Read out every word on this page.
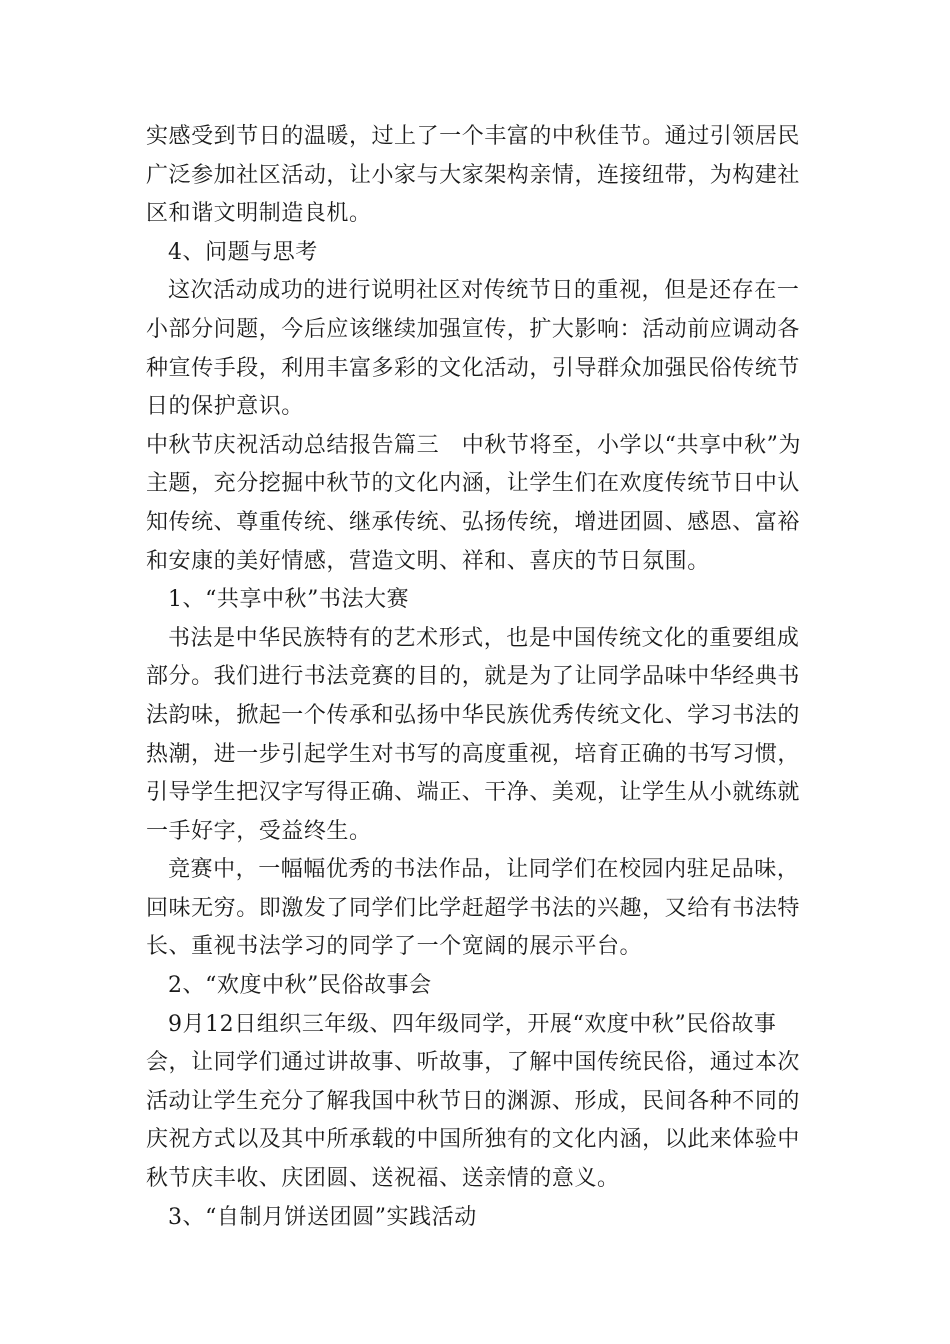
实感受到节日的温暖，过上了一个丰富的中秋佳节。通过引领居民广泛参加社区活动，让小家与大家架构亲情，连接纽带，为构建社区和谐文明制造良机。

4、问题与思考

这次活动成功的进行说明社区对传统节日的重视，但是还存在一小部分问题，今后应该继续加强宣传，扩大影响：活动前应调动各种宣传手段，利用丰富多彩的文化活动，引导群众加强民俗传统节日的保护意识。

中秋节庆祝活动总结报告篇三　中秋节将至，小学以“共享中秋”为主题，充分挖掘中秋节的文化内涵，让学生们在欢度传统节日中认知传统、尊重传统、继承传统、弘扬传统，增进团圆、感恩、富裕和安康的美好情感，营造文明、祥和、喜庆的节日氛围。

1、“共享中秋”书法大赛

书法是中华民族特有的艺术形式，也是中国传统文化的重要组成部分。我们进行书法竞赛的目的，就是为了让同学品味中华经典书法韵味，掀起一个传承和弘扬中华民族优秀传统文化、学习书法的热潮，进一步引起学生对书写的高度重视，培育正确的书写习惯，引导学生把汉字写得正确、端正、干净、美观，让学生从小就练就一手好字，受益终生。

竞赛中，一幅幅优秀的书法作品，让同学们在校园内驻足品味，回味无穷。即激发了同学们比学赶超学书法的兴趣，又给有书法特长、重视书法学习的同学了一个宽阔的展示平台。

2、“欢度中秋”民俗故事会

9月12日组织三年级、四年级同学，开展“欢度中秋”民俗故事会，让同学们通过讲故事、听故事，了解中国传统民俗，通过本次活动让学生充分了解我国中秋节日的渊源、形成，民间各种不同的庆祝方式以及其中所承载的中国所独有的文化内涵，以此来体验中秋节庆丰收、庆团圆、送祝福、送亲情的意义。

3、“自制月饼送团圆”实践活动
